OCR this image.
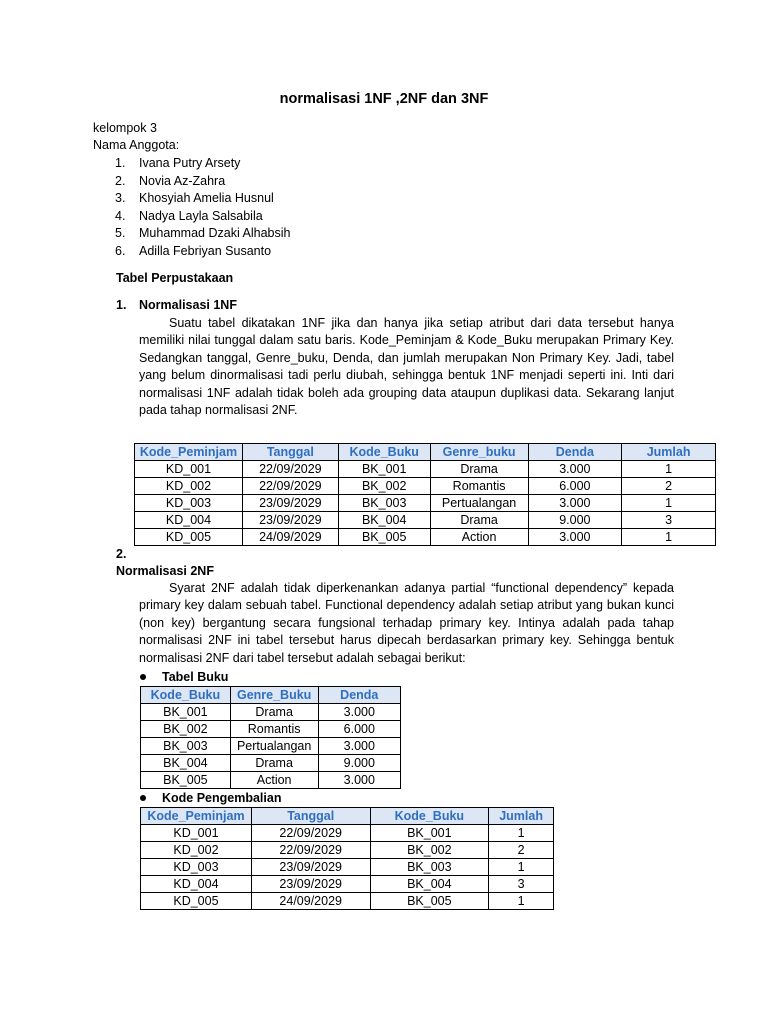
normalisasi 1NF ,2NF dan 3NF
kelompok 3
Nama Anggota:
1. Ivana Putry Arsety
2. Novia Az-Zahra
3. Khosyiah Amelia Husnul
4. Nadya Layla Salsabila
5. Muhammad Dzaki Alhabsih
6. Adilla Febriyan Susanto
Tabel Perpustakaan
1. Normalisasi 1NF

Suatu tabel dikatakan 1NF jika dan hanya jika setiap atribut dari data tersebut hanya memiliki nilai tunggal dalam satu baris. Kode_Peminjam & Kode_Buku merupakan Primary Key. Sedangkan tanggal, Genre_buku, Denda, dan jumlah merupakan Non Primary Key. Jadi, tabel yang belum dinormalisasi tadi perlu diubah, sehingga bentuk 1NF menjadi seperti ini. Inti dari normalisasi 1NF adalah tidak boleh ada grouping data ataupun duplikasi data. Sekarang lanjut pada tahap normalisasi 2NF.

Kode_Peminjam	Tanggal	Kode_Buku	Genre_buku	Denda	Jumlah
KD_001	22/09/2029	BK_001	Drama	3.000	1
KD_002	22/09/2029	BK_002	Romantis	6.000	2
KD_003	23/09/2029	BK_003	Pertualangan	3.000	1
KD_004	23/09/2029	BK_004	Drama	9.000	3
KD_005	24/09/2029	BK_005	Action	3.000	1
2.
Normalisasi 2NF

Syarat 2NF adalah tidak diperkenankan adanya partial “functional dependency” kepada primary key dalam sebuah tabel. Functional dependency adalah setiap atribut yang bukan kunci (non key) bergantung secara fungsional terhadap primary key. Intinya adalah pada tahap normalisasi 2NF ini tabel tersebut harus dipecah berdasarkan primary key. Sehingga bentuk normalisasi 2NF dari tabel tersebut adalah sebagai berikut:

Tabel Buku
Kode_Buku	Genre_Buku	Denda
BK_001	Drama	3.000
BK_002	Romantis	6.000
BK_003	Pertualangan	3.000
BK_004	Drama	9.000
BK_005	Action	3.000
Kode Pengembalian
Kode_Peminjam	Tanggal	Kode_Buku	Jumlah
KD_001	22/09/2029	BK_001	1
KD_002	22/09/2029	BK_002	2
KD_003	23/09/2029	BK_003	1
KD_004	23/09/2029	BK_004	3
KD_005	24/09/2029	BK_005	1
